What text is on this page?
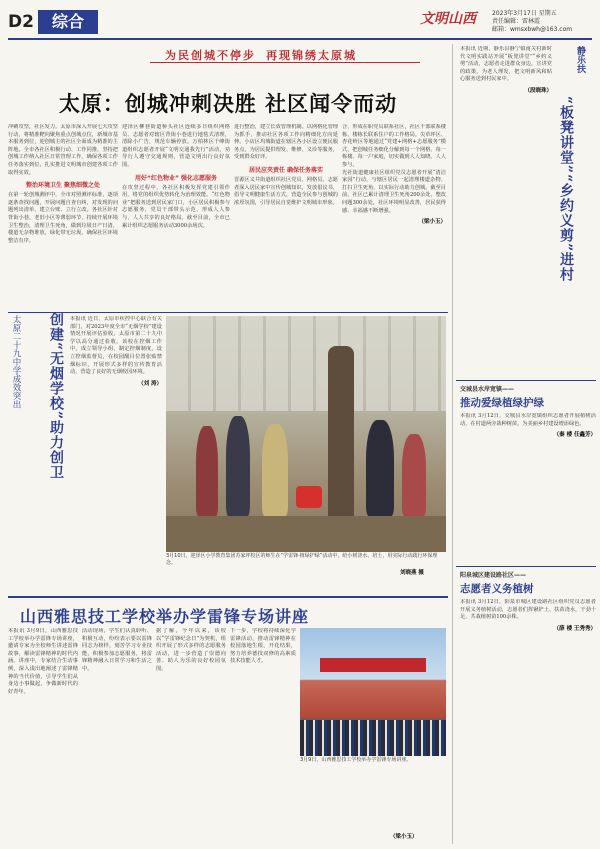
D2	综合	文明山西	2023年3月17日 星期五
责任编辑：雷林霞
邮箱：wmsxbwh@163.com
为民创城不停步 再现锦绣太原城
太原：创城冲刺决胜 社区闻令而动
冲刺攻坚，社区发力。太原市深入开展七大攻坚行动，将精准靶向聚焦重点创城点位，新城市基本服务到位，迎创城主的社区全面成为精准的主阵地。全市各社区积极行动、工作同推，坚持把创城工作纳入社区日常管理工作，确保各项工作任务落实到位，扎实推进文明城市创建各项工作取得实效。
整治环境卫生 聚焦细微之处
在第一轮创城测评中，全市对照测评标准，逐项逐条查找问题，开展问题自查自纠，对发现的问题列出清单、建立台账、立行立改。各社区针对背街小巷、老旧小区等薄弱环节，持续开展环境卫生整治，清理卫生死角，做到垃圾日产日清，楼道无杂物堆放，绿化带无垃圾，确保社区环境整洁有序。
迎泽区柳巷街道桥头社区连续多日组织网格员、志愿者对辖区背街小巷进行地毯式清理，清除小广告，规范车辆停放。万柏林区千峰街道组织志愿者开展“文明交通我先行”活动，劝导行人遵守交通规则，营造文明出行良好氛围。
用好“红色物业” 强化志愿服务
在攻坚过程中，各社区积极发挥党建引领作用，将党的组织优势转化为治理效能。“红色物业”把服务送到居民家门口，小区居民积极参与志愿服务，党员干部带头示范，形成人人参与、人人共享的良好格局。截至目前，全市已累计组织志愿服务活动3000余场次。
进行整治，建立长效管理机制。以网格化管理为抓手，推动社区各项工作向精细化方向延伸。小店区坞城街道在辖区各小区设立便民服务点，为居民提供理发、维修、义诊等服务，受到群众好评。
居民应夹责任 确保任务落实
晋源区义井街道组织社区党员、网格员、志愿者深入居民家中宣传创城知识，发放倡议书，倡导文明健康生活方式，营造全民参与创城的浓厚氛围，引导居民自觉维护文明城市形象。
合，形成在职党员联系社区，社区干部联系楼栋，楼栋长联系住户的工作格局。尖草坪区、杏花岭区等地通过“党建+网格+志愿服务”模式，把创城任务细化分解到每一个网格、每一栋楼、每一户家庭，切实做到人人知晓、人人参与。
光社街道健康社区组织党员志愿者开展“清洁家园”行动，与辖区居民一起清理楼道杂物、打扫卫生死角，以实际行动助力创城。截至目前，社区已累计清理卫生死角200余处，整改问题300余处，社区环境明显改善，居民获得感、幸福感不断增强。
（梁小玉）
创建“无烟学校”助力创卫
太原二十九中学成效突出	本报讯 近日，太原市疾控中心联合有关部门，对2023年度全市“无烟学校”建设情况开展评估验收，太原市第二十九中学以高分通过验收。该校在控烟工作中，成立领导小组，制定控烟制度，设立控烟监督员，在校园醒目位置张贴禁烟标识，开展形式多样的宣传教育活动，营造了良好的无烟校园环境。
（刘 涛）
3月10日，迎泽区小学教育集团苏家坪校区的师生在“学雷锋·植绿护绿”活动中，给小树浇水、培土，用实际行动践行环保理念。
刘晓燕 摄
山西雅思技工学校举办学雷锋专场讲座
本报讯 3月9日，山西雅思技工学校举办学雷锋专场讲座，邀请专家为全校师生讲述雷锋故事，解读雷锋精神的时代内涵。讲座中，专家结合生动事例，深入浅出地阐述了雷锋精神的当代价值，引导学生们从身边小事做起，争做新时代的好青年。
活动现场，学生们认真聆听、积极互动，纷纷表示要以雷锋同志为榜样，刻苦学习专业技能，积极参加志愿服务，将雷锋精神融入日常学习和生活之中。
据了解，今年以来，该校以“学雷锋纪念日”为契机，组织开展了形式多样的志愿服务活动，进一步营造了崇德向善、助人为乐的良好校园氛围。
下一步，学校将持续深化学雷锋活动，推动雷锋精神在校园落地生根、开花结果，努力培养德技双修的高素质技术技能人才。
3月9日，山西雅思技工学校举办学雷锋专场讲座。
（梁小玉）
静乐扶
“板凳讲堂”“乡约义剪”进村
本报讯 近期，静乐县静宁镇南关村新时代文明实践站开展“板凳讲堂”“乡约义剪”活动，志愿者走进群众身边，宣讲党的政策，为老人理发，把文明新风和贴心服务送到村民家中。
（段晓珠）
交城县水岸宽镇——
推动爱绿植绿护绿
本报讯 3月12日，交城县水岸宽镇组织志愿者开展植树活动，在村道两旁栽种树苗，为美丽乡村建设增添绿色。
（秦 楼 任鑫芳）
阳泉城区建设路社区——
志愿者义务植树
本报讯 3月12日，阳泉市城区建设路社区组织党员志愿者开展义务植树活动，志愿者们挥锹铲土、扶苗浇水，干劲十足，共栽植树苗100余株。
（薛 楼 王秀秀）
